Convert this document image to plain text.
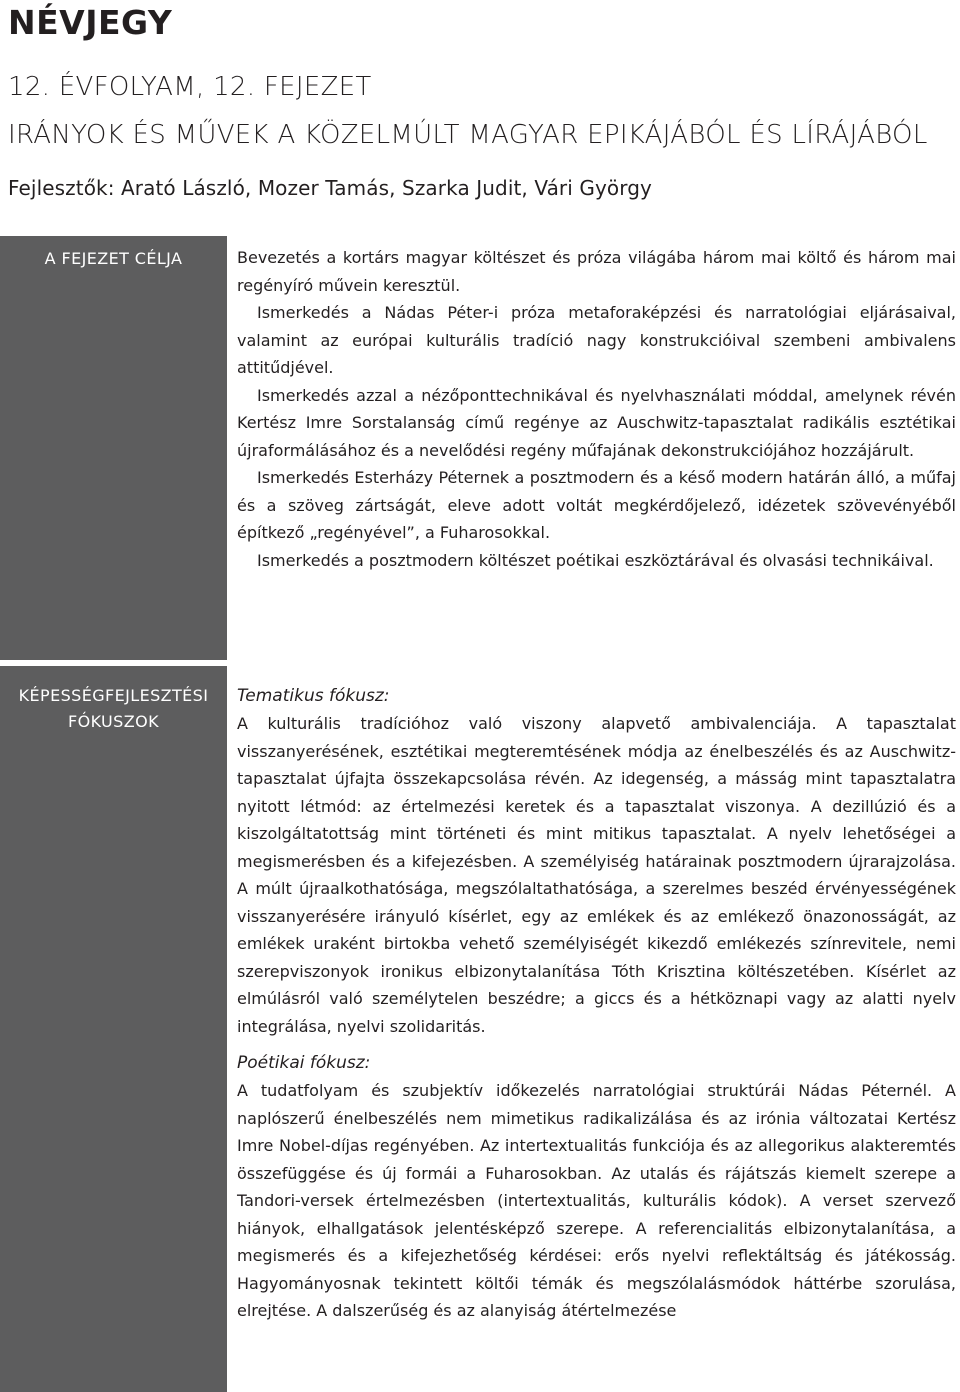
NÉVJEGY
12. ÉVFOLYAM, 12. FEJEZET
IRÁNYOK ÉS MŰVEK A KÖZELMÚLT MAGYAR EPIKÁJÁBÓL ÉS LÍRÁJÁBÓL
Fejlesztők: Arató László, Mozer Tamás, Szarka Judit, Vári György
A FEJEZET CÉLJA
KÉPESSÉGFEJLESZTÉSI
FÓKUSZOK

Bevezetés a kortárs magyar költészet és próza világába három mai költő és három mai regényíró művein keresztül.

Ismerkedés a Nádas Péter-i próza metaforaképzési és narratológiai eljárásaival, valamint az európai kulturális tradíció nagy konstrukcióival szembeni ambivalens attitűdjével.

Ismerkedés azzal a nézőponttechnikával és nyelvhasználati móddal, amelynek révén Kertész Imre Sorstalanság című regénye az Auschwitz-tapasztalat radikális esztétikai újraformálásához és a nevelődési regény műfajának dekonstrukciójához hozzájárult.

Ismerkedés Esterházy Péternek a posztmodern és a késő modern határán álló, a műfaj és a szöveg zártságát, eleve adott voltát megkérdőjelező, idézetek szövevényéből építkező „regényével”, a Fuharosokkal.

Ismerkedés a posztmodern költészet poétikai eszköztárával és olvasási technikáival.

Tematikus fókusz:

A kulturális tradícióhoz való viszony alapvető ambivalenciája. A tapasztalat visszanyerésének, esztétikai megteremtésének módja az énelbeszélés és az Auschwitz-tapasztalat újfajta összekapcsolása révén. Az idegenség, a másság mint tapasztalatra nyitott létmód: az értelmezési keretek és a tapasztalat viszonya. A dezillúzió és a kiszolgáltatottság mint történeti és mint mitikus tapasztalat. A nyelv lehetőségei a megismerésben és a kifejezésben. A személyiség határainak posztmodern újrarajzolása. A múlt újraalkothatósága, megszólaltathatósága, a szerelmes beszéd érvényességének visszanyerésére irányuló kísérlet, egy az emlékek és az emlékező önazonosságát, az emlékek uraként birtokba vehető személyiségét kikezdő emlékezés színrevitele, nemi szerepviszonyok ironikus elbizonytalanítása Tóth Krisztina költészetében. Kísérlet az elmúlásról való személytelen beszédre; a giccs és a hétköznapi vagy az alatti nyelv integrálása, nyelvi szolidaritás.

Poétikai fókusz:

A tudatfolyam és szubjektív időkezelés narratológiai struktúrái Nádas Péternél. A naplószerű énelbeszélés nem mimetikus radikalizálása és az irónia változatai Kertész Imre Nobel-díjas regényében. Az intertextualitás funkciója és az allegorikus alakteremtés összefüggése és új formái a Fuharosokban. Az utalás és rájátszás kiemelt szerepe a Tandori-versek értelmezésben (intertextualitás, kulturális kódok). A verset szervező hiányok, elhallgatások jelentésképző szerepe. A referencialitás elbizonytalanítása, a megismerés és a kifejezhetőség kérdései: erős nyelvi reflektáltság és játékosság. Hagyományosnak tekintett költői témák és megszólalásmódok háttérbe szorulása, elrejtése. A dalszerűség és az alanyiság átértelmezése
